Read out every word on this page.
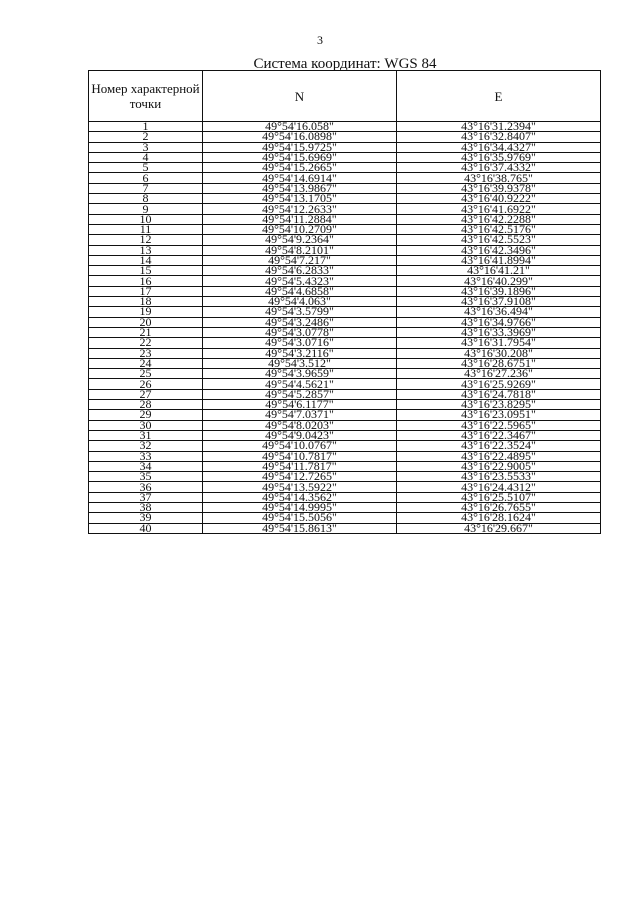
3
Система координат: WGS 84
Номер характерной точки	N	E
1	49°54'16.058"	43°16'31.2394"
2	49°54'16.0898"	43°16'32.8407"
3	49°54'15.9725"	43°16'34.4327"
4	49°54'15.6969"	43°16'35.9769"
5	49°54'15.2665"	43°16'37.4332"
6	49°54'14.6914"	43°16'38.765"
7	49°54'13.9867"	43°16'39.9378"
8	49°54'13.1705"	43°16'40.9222"
9	49°54'12.2633"	43°16'41.6922"
10	49°54'11.2884"	43°16'42.2288"
11	49°54'10.2709"	43°16'42.5176"
12	49°54'9.2364"	43°16'42.5523"
13	49°54'8.2101"	43°16'42.3496"
14	49°54'7.217"	43°16'41.8994"
15	49°54'6.2833"	43°16'41.21"
16	49°54'5.4323"	43°16'40.299"
17	49°54'4.6858"	43°16'39.1896"
18	49°54'4.063"	43°16'37.9108"
19	49°54'3.5799"	43°16'36.494"
20	49°54'3.2486"	43°16'34.9766"
21	49°54'3.0778"	43°16'33.3969"
22	49°54'3.0716"	43°16'31.7954"
23	49°54'3.2116"	43°16'30.208"
24	49°54'3.512"	43°16'28.6751"
25	49°54'3.9659"	43°16'27.236"
26	49°54'4.5621"	43°16'25.9269"
27	49°54'5.2857"	43°16'24.7818"
28	49°54'6.1177"	43°16'23.8295"
29	49°54'7.0371"	43°16'23.0951"
30	49°54'8.0203"	43°16'22.5965"
31	49°54'9.0423"	43°16'22.3467"
32	49°54'10.0767"	43°16'22.3524"
33	49°54'10.7817"	43°16'22.4895"
34	49°54'11.7817"	43°16'22.9005"
35	49°54'12.7265"	43°16'23.5533"
36	49°54'13.5922"	43°16'24.4312"
37	49°54'14.3562"	43°16'25.5107"
38	49°54'14.9995"	43°16'26.7655"
39	49°54'15.5056"	43°16'28.1624"
40	49°54'15.8613"	43°16'29.667"
